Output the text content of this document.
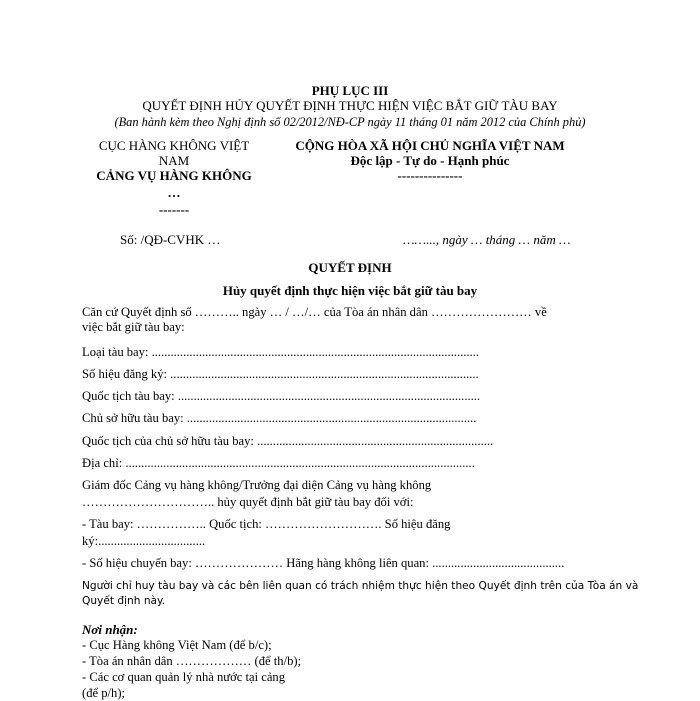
PHỤ LỤC III
QUYẾT ĐỊNH HỦY QUYẾT ĐỊNH THỰC HIỆN VIỆC BẮT GIỮ TÀU BAY
(Ban hành kèm theo Nghị định số 02/2012/NĐ-CP ngày 11 tháng 01 năm 2012 của Chính phủ)
CỤC HÀNG KHÔNG VIỆT
NAM
CẢNG VỤ HÀNG KHÔNG
…
-------
Số: /QĐ-CVHK …
CỘNG HÒA XÃ HỘI CHỦ NGHĨA VIỆT NAM
Độc lập - Tự do - Hạnh phúc
---------------
……..., ngày … tháng … năm …
QUYẾT ĐỊNH
Hủy quyết định thực hiện việc bắt giữ tàu bay
Căn cứ Quyết định số ……….. ngày … / …/… của Tòa án nhân dân …………………… về
việc bắt giữ tàu bay:
Loại tàu bay: ........................................................................................................
Số hiệu đăng ký: ..................................................................................................
Quốc tịch tàu bay: ................................................................................................
Chủ sở hữu tàu bay: ............................................................................................
Quốc tịch của chủ sở hữu tàu bay: ...........................................................................
Địa chỉ: ...............................................................................................................
Giám đốc Cảng vụ hàng không/Trưởng đại diện Cảng vụ hàng không
………………………….. hủy quyết định bắt giữ tàu bay đối với:
- Tàu bay: …………….. Quốc tịch: ………………………. Số hiệu đăng
ký:..................................
- Số hiệu chuyến bay: ………………… Hãng hàng không liên quan: ..........................................
Người chỉ huy tàu bay và các bên liên quan có trách nhiệm thực hiện theo Quyết định trên của Tòa án và
Quyết định này.
Nơi nhận:
- Cục Hàng không Việt Nam (để b/c);
- Tòa án nhân dân ……………… (để th/b);
- Các cơ quan quản lý nhà nước tại cảng
(để p/h);
